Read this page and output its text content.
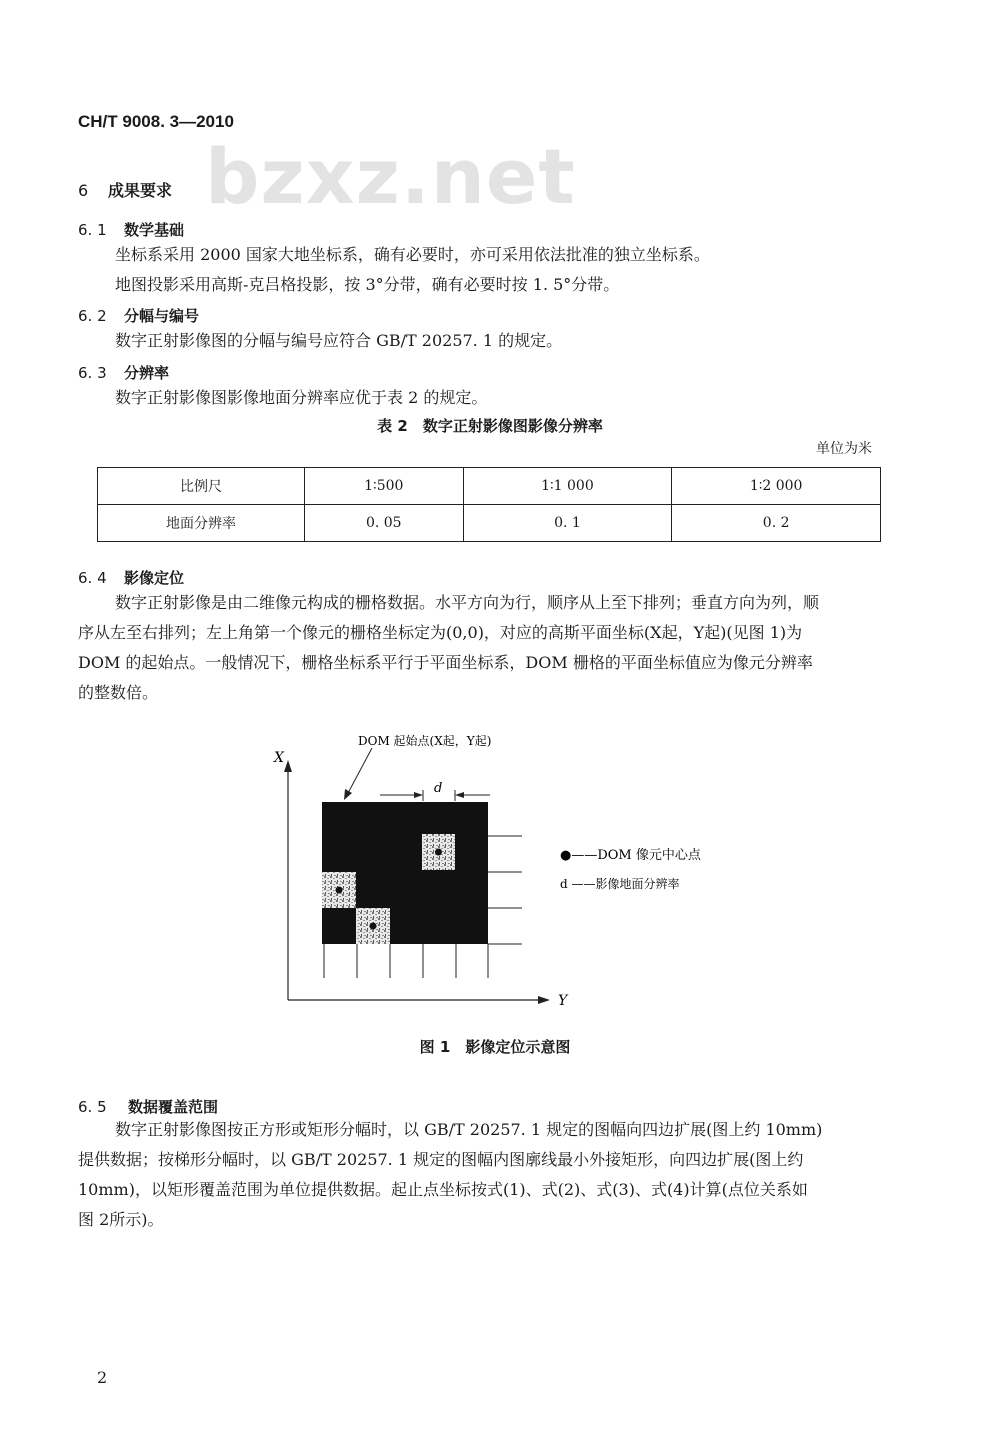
CH/T 9008. 3—2010
bzxz.net
6 成果要求
6. 1 数学基础
坐标系采用 2000 国家大地坐标系，确有必要时，亦可采用依法批准的独立坐标系。
地图投影采用高斯-克吕格投影，按 3°分带，确有必要时按 1. 5°分带。
6. 2 分幅与编号
数字正射影像图的分幅与编号应符合 GB/T 20257. 1 的规定。
6. 3 分辨率
数字正射影像图影像地面分辨率应优于表 2 的规定。
表 2　数字正射影像图影像分辨率
单位为米
比例尺	1∶500	1∶1 000	1∶2 000
地面分辨率	0. 05	0. 1	0. 2
6. 4 影像定位
数字正射影像是由二维像元构成的栅格数据。水平方向为行，顺序从上至下排列；垂直方向为列，顺
序从左至右排列；左上角第一个像元的栅格坐标定为(0,0)，对应的高斯平面坐标(X起，Y起)(见图 1)为
DOM 的起始点。一般情况下，栅格坐标系平行于平面坐标系，DOM 栅格的平面坐标值应为像元分辨率
的整数倍。
X
Y
DOM 起始点(X起，Y起)
d
●——DOM 像元中心点
d ——影像地面分辨率
图 1　影像定位示意图
6. 5 数据覆盖范围
数字正射影像图按正方形或矩形分幅时，以 GB/T 20257. 1 规定的图幅向四边扩展(图上约 10mm)
提供数据；按梯形分幅时，以 GB/T 20257. 1 规定的图幅内图廓线最小外接矩形，向四边扩展(图上约
10mm)，以矩形覆盖范围为单位提供数据。起止点坐标按式(1)、式(2)、式(3)、式(4)计算(点位关系如
图 2所示)。
2
